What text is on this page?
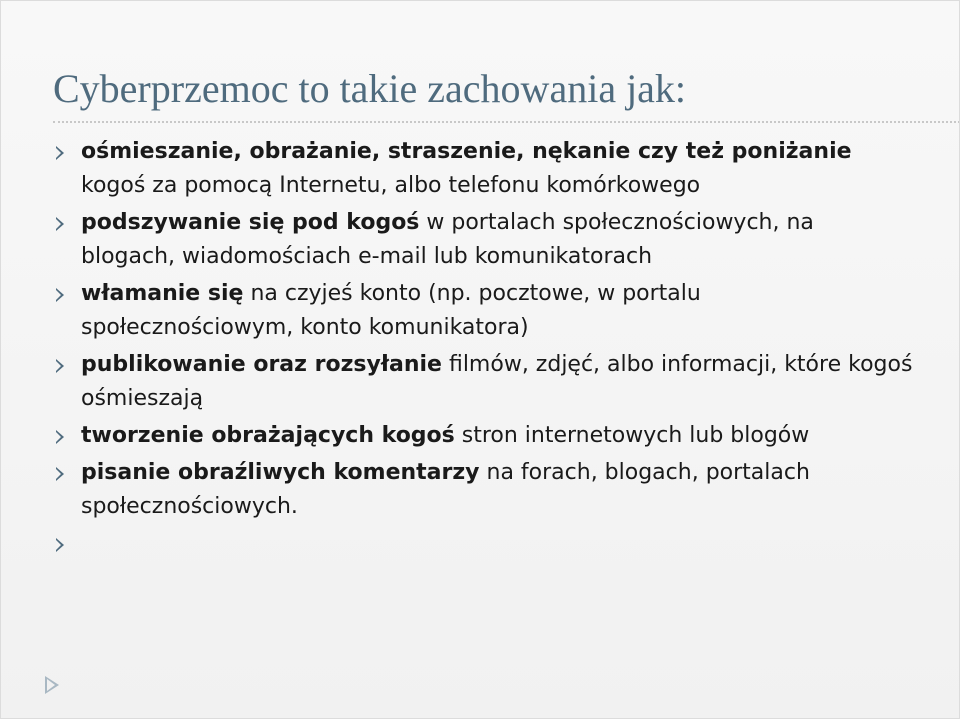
Cyberprzemoc to takie zachowania jak:
ośmieszanie, obrażanie, straszenie, nękanie czy też poniżanie kogoś za pomocą Internetu, albo telefonu komórkowego
podszywanie się pod kogoś w portalach społecznościowych, na blogach, wiadomościach e-mail lub komunikatorach
włamanie się na czyjeś konto (np. pocztowe, w portalu społecznościowym, konto komunikatora)
publikowanie oraz rozsyłanie filmów, zdjęć, albo informacji, które kogoś ośmieszają
tworzenie obrażających kogoś stron internetowych lub blogów
pisanie obraźliwych komentarzy na forach, blogach, portalach społecznościowych.
